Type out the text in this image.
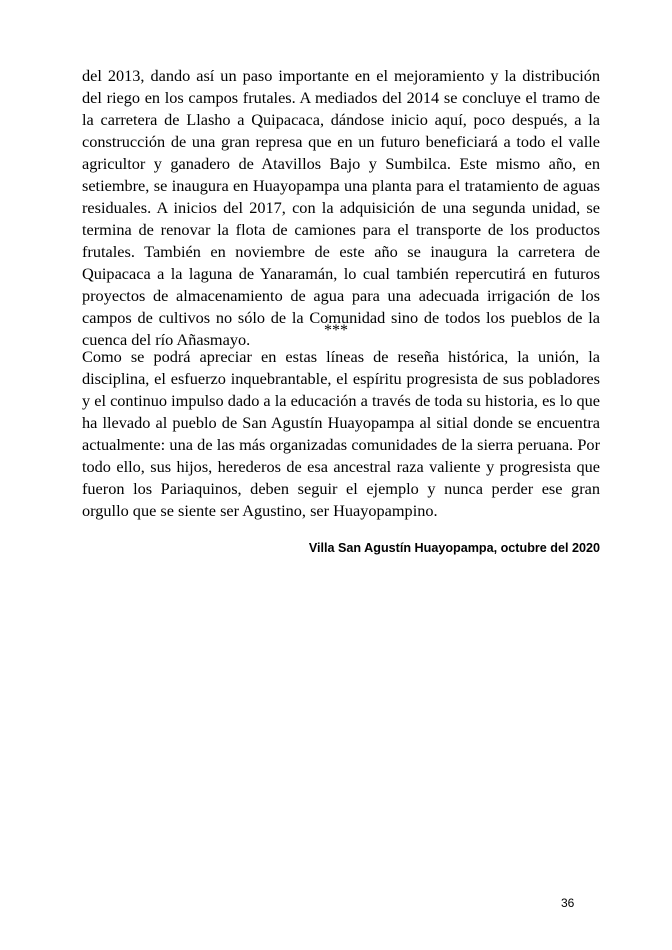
del 2013, dando así un paso importante en el mejoramiento y la distribución del riego en los campos frutales. A mediados del 2014 se concluye el tramo de la carretera de Llasho a Quipacaca, dándose inicio aquí, poco después, a la construcción de una gran represa que en un futuro beneficiará a todo el valle agricultor y ganadero de Atavillos Bajo y Sumbilca. Este mismo año, en setiembre, se inaugura en Huayopampa una planta para el tratamiento de aguas residuales. A inicios del 2017, con la adquisición de una segunda unidad, se termina de renovar la flota de camiones para el transporte de los productos frutales. También en noviembre de este año se inaugura la carretera de Quipacaca a la laguna de Yanaramán, lo cual también repercutirá en futuros proyectos de almacenamiento de agua para una adecuada irrigación de los campos de cultivos no sólo de la Comunidad sino de todos los pueblos de la cuenca del río Añasmayo.	***

Como se podrá apreciar en estas líneas de reseña histórica, la unión, la disciplina, el esfuerzo inquebrantable, el espíritu progresista de sus pobladores y el continuo impulso dado a la educación a través de toda su historia, es lo que ha llevado al pueblo de San Agustín Huayopampa al sitial donde se encuentra actualmente: una de las más organizadas comunidades de la sierra peruana. Por todo ello, sus hijos, herederos de esa ancestral raza valiente y progresista que fueron los Pariaquinos, deben seguir el ejemplo y nunca perder ese gran orgullo que se siente ser Agustino, ser Huayopampino.

Villa San Agustín Huayopampa, octubre del 2020
36
